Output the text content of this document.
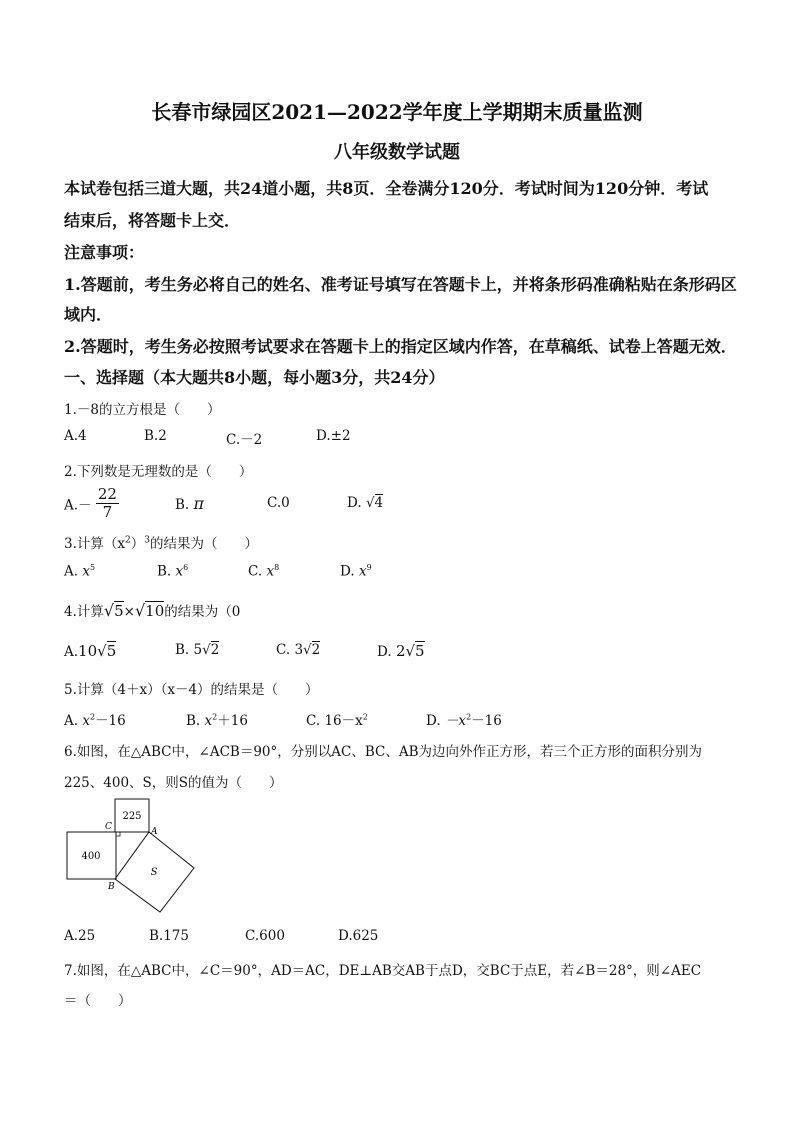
长春市绿园区2021—2022学年度上学期期末质量监测
八年级数学试题
本试卷包括三道大题，共24道小题，共8页．全卷满分120分．考试时间为120分钟．考试
结束后，将答题卡上交．
注意事项：
1.答题前，考生务必将自己的姓名、准考证号填写在答题卡上，并将条形码准确粘贴在条形码区
域内．
2.答题时，考生务必按照考试要求在答题卡上的指定区域内作答，在草稿纸、试卷上答题无效．
一、选择题（本大题共8小题，每小题3分，共24分）
1.－8的立方根是（　　）
A.4	B.2	C.－2	D.±2
2.下列数是无理数的是（　　）
$A.- \frac{22}{7}$	B. π	C.0	D. √4
3.计算$(x^2)^3$的结果为（　　）
A. $x^5$	B. $x^6$	C. $x^8$	D. $x^9$
4.计算√5×√10的结果为（0
A.10√5	B. 5√2	C. 3√2	D. 2√5
5.计算（4＋x）（x－4）的结果是（　　）
A. $x^2-16$	B. $x^2+16$	C. $16-x^2$	D. $-x^2-16$
6.如图，在△ABC中，∠ACB＝90°，分别以AC、BC、AB为边向外作正方形，若三个正方形的面积分别为
225、400、S，则S的值为（　　）
225
400
S
C	A
B
A.25	B.175	C.600	D.625
7.如图，在△ABC中，∠C＝90°，AD＝AC，DE⊥AB交AB于点D，交BC于点E，若∠B＝28°，则∠AEC
＝（　　）
